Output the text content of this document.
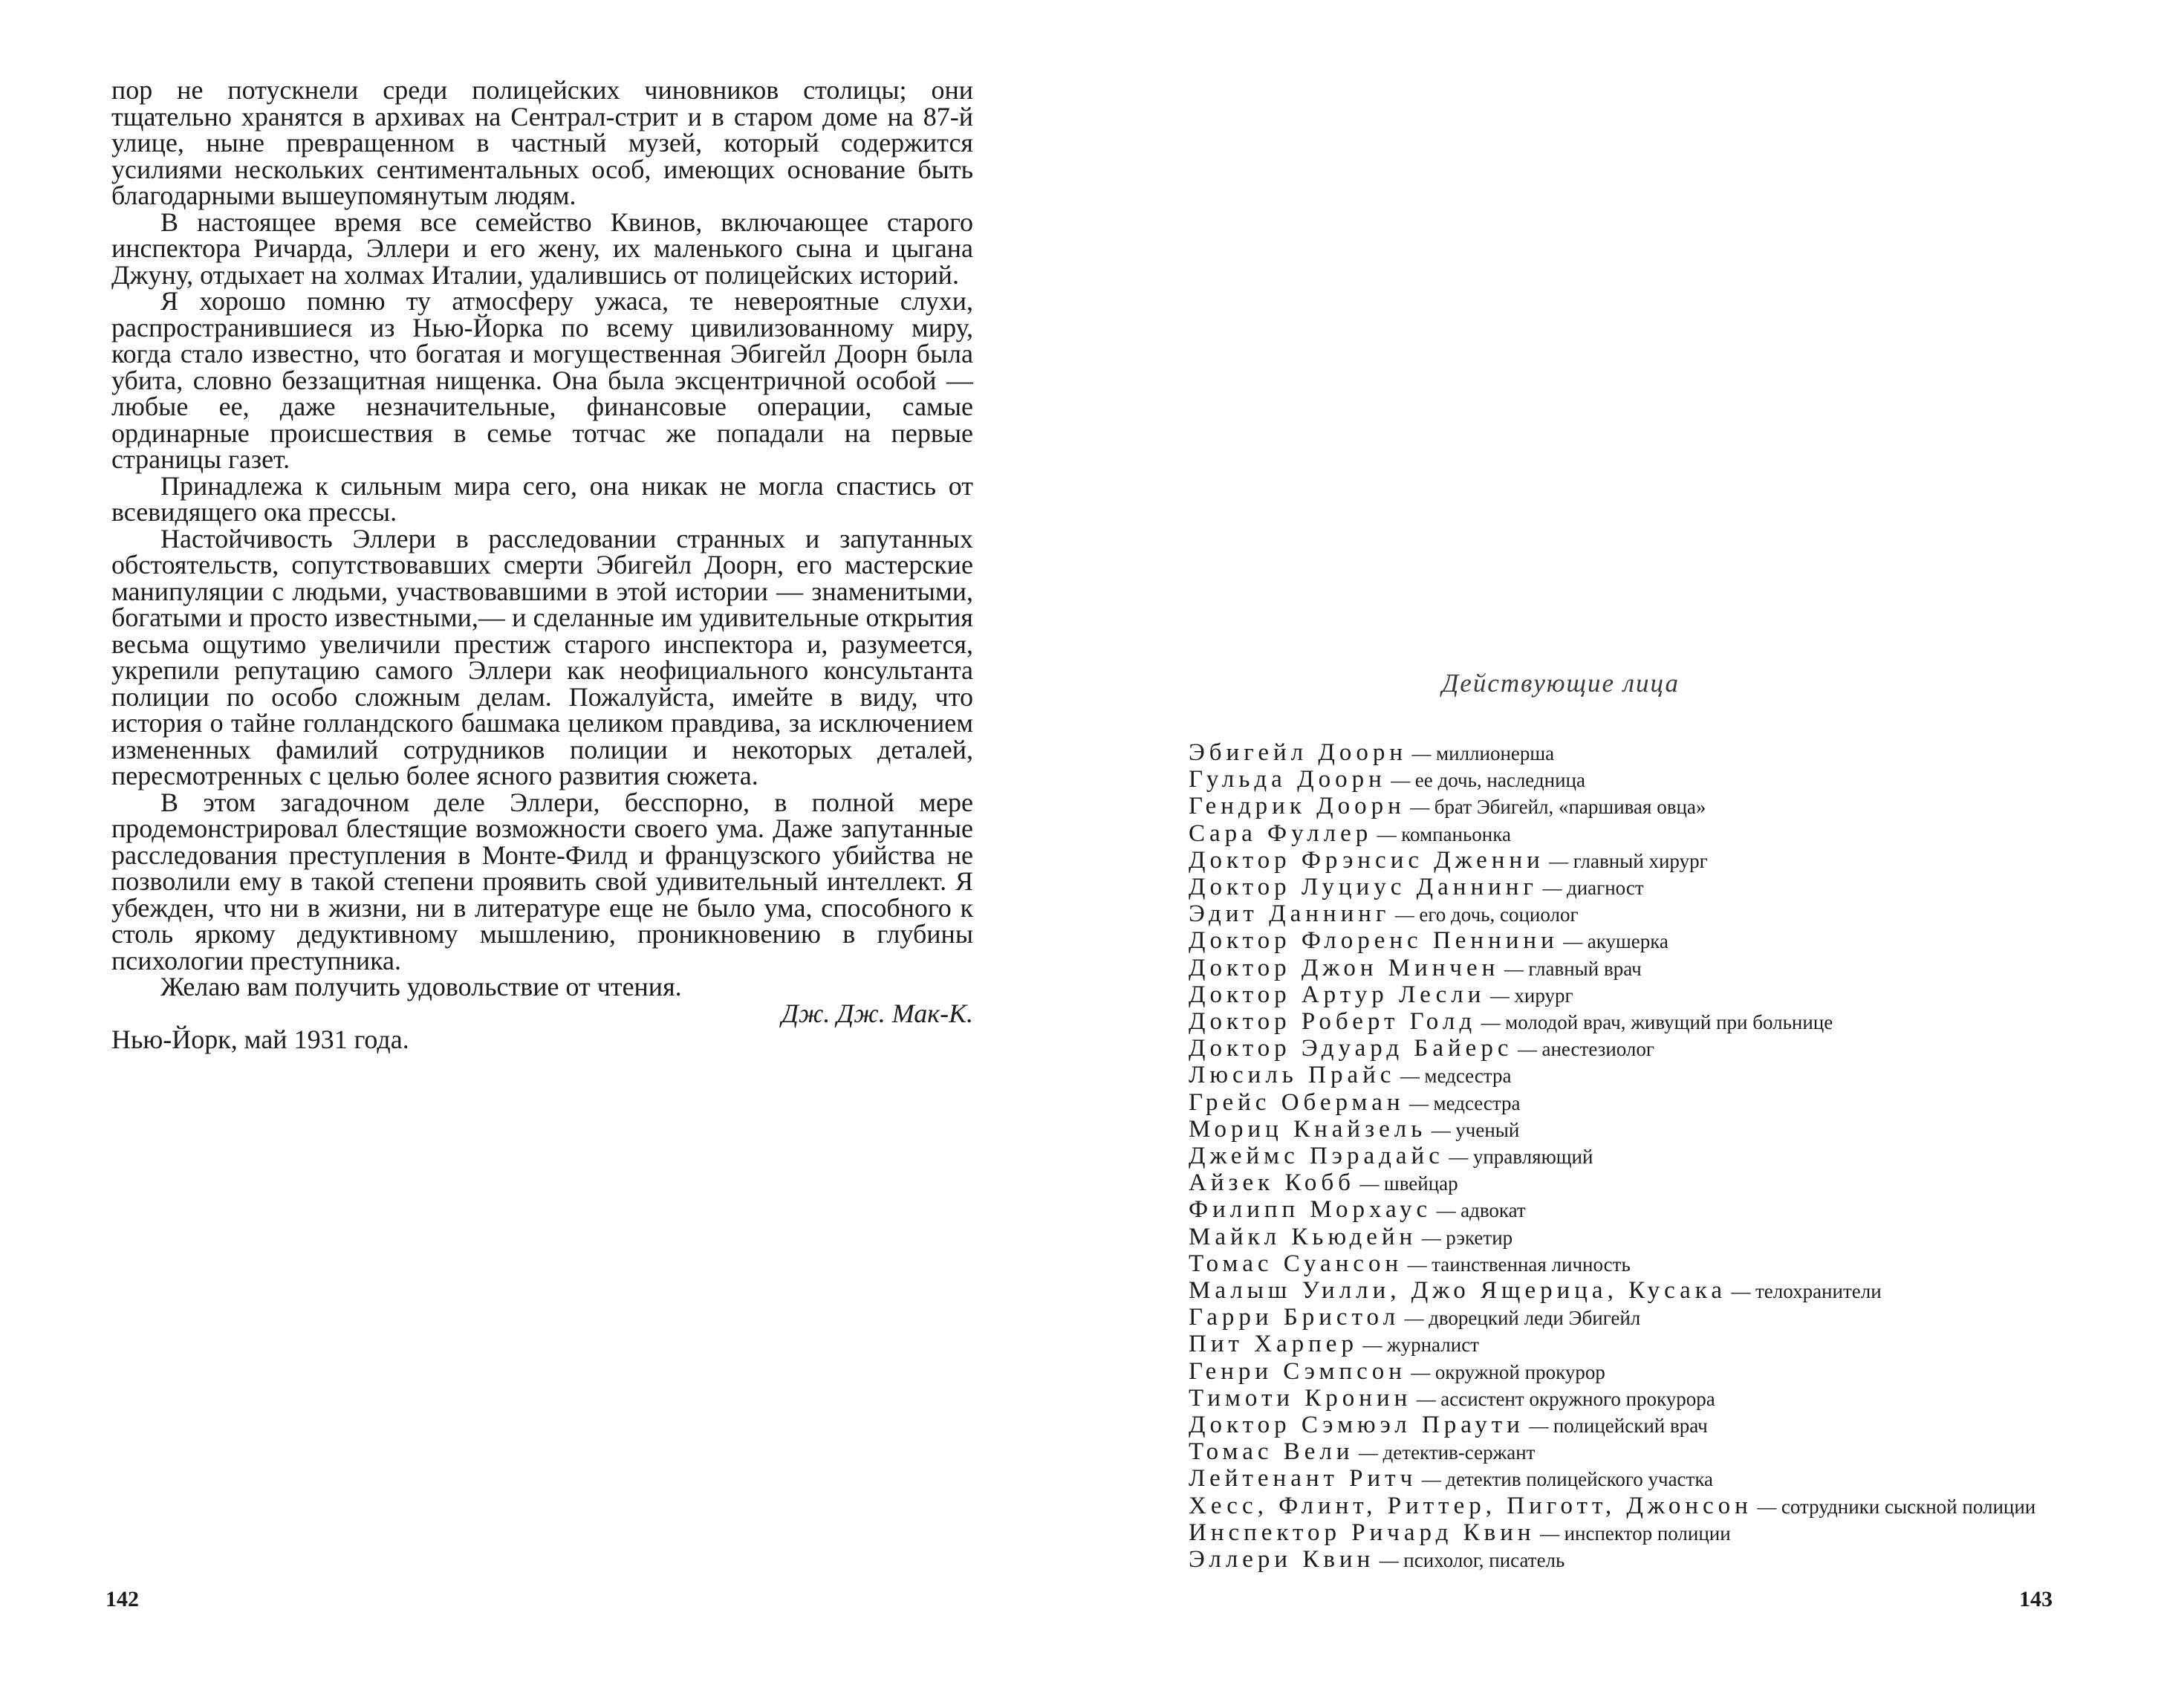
пор не потускнели среди полицейских чиновников столицы; они тщательно хранятся в архивах на Сентрал-стрит и в старом доме на 87-й улице, ныне превращенном в частный музей, который содержится усилиями нескольких сентиментальных особ, имеющих основание быть благодарными вышеупомянутым людям.

В настоящее время все семейство Квинов, включающее старого инспектора Ричарда, Эллери и его жену, их маленького сына и цыгана Джуну, отдыхает на холмах Италии, удалившись от полицейских историй.

Я хорошо помню ту атмосферу ужаса, те невероятные слухи, распространившиеся из Нью-Йорка по всему цивилизованному миру, когда стало известно, что богатая и могущественная Эбигейл Доорн была убита, словно беззащитная нищенка. Она была эксцентричной особой — любые ее, даже незначительные, финансовые операции, самые ординарные происшествия в семье тотчас же попадали на первые страницы газет.

Принадлежа к сильным мира сего, она никак не могла спастись от всевидящего ока прессы.

Настойчивость Эллери в расследовании странных и запутанных обстоятельств, сопутствовавших смерти Эбигейл Доорн, его мастерские манипуляции с людьми, участвовавшими в этой истории — знаменитыми, богатыми и просто известными,— и сделанные им удивительные открытия весьма ощутимо увеличили престиж старого инспектора и, разумеется, укрепили репутацию самого Эллери как неофициального консультанта полиции по особо сложным делам. Пожалуйста, имейте в виду, что история о тайне голландского башмака целиком правдива, за исключением измененных фамилий сотрудников полиции и некоторых деталей, пересмотренных с целью более ясного развития сюжета.

В этом загадочном деле Эллери, бесспорно, в полной мере продемонстрировал блестящие возможности своего ума. Даже запутанные расследования преступления в Монте-Филд и французского убийства не позволили ему в такой степени проявить свой удивительный интеллект. Я убежден, что ни в жизни, ни в литературе еще не было ума, способного к столь яркому дедуктивному мышлению, проникновению в глубины психологии преступника.

Желаю вам получить удовольствие от чтения.

Дж. Дж. Мак-К.

Нью-Йорк, май 1931 года.

142
Действующие лица
Эбигейл Доорн — миллионерша
Гульда Доорн — ее дочь, наследница
Гендрик Доорн — брат Эбигейл, «паршивая овца»
Сара Фуллер — компаньонка
Доктор Фрэнсис Дженни — главный хирург
Доктор Луциус Даннинг — диагност
Эдит Даннинг — его дочь, социолог
Доктор Флоренс Пеннини — акушерка
Доктор Джон Минчен — главный врач
Доктор Артур Лесли — хирург
Доктор Роберт Голд — молодой врач, живущий при больнице
Доктор Эдуард Байерс — анестезиолог
Люсиль Прайс — медсестра
Грейс Оберман — медсестра
Мориц Кнайзель — ученый
Джеймс Пэрадайс — управляющий
Айзек Кобб — швейцар
Филипп Морхаус — адвокат
Майкл Кьюдейн — рэкетир
Томас Суансон — таинственная личность
Малыш Уилли, Джо Ящерица, Кусака — телохранители
Гарри Бристол — дворецкий леди Эбигейл
Пит Харпер — журналист
Генри Сэмпсон — окружной прокурор
Тимоти Кронин — ассистент окружного прокурора
Доктор Сэмюэл Праути — полицейский врач
Томас Вели — детектив-сержант
Лейтенант Ритч — детектив полицейского участка
Хесс, Флинт, Риттер, Пиготт, Джонсон — сотрудники сыскной полиции
Инспектор Ричард Квин — инспектор полиции
Эллери Квин — психолог, писатель
143
